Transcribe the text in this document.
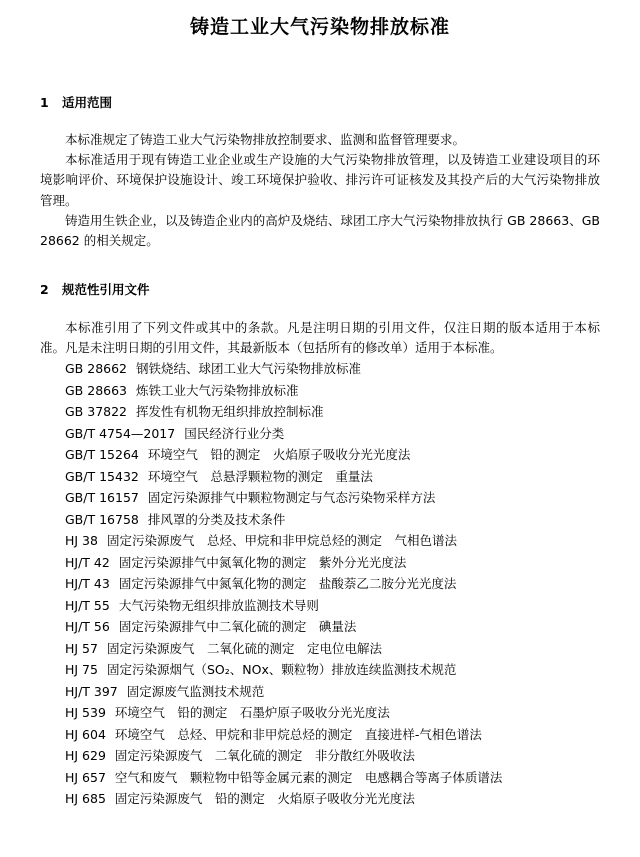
铸造工业大气污染物排放标准
1 适用范围

本标准规定了铸造工业大气污染物排放控制要求、监测和监督管理要求。

本标准适用于现有铸造工业企业或生产设施的大气污染物排放管理，以及铸造工业建设项目的环境影响评价、环境保护设施设计、竣工环境保护验收、排污许可证核发及其投产后的大气污染物排放管理。

铸造用生铁企业，以及铸造企业内的高炉及烧结、球团工序大气污染物排放执行 GB 28663、GB 28662 的相关规定。

2 规范性引用文件

本标准引用了下列文件或其中的条款。凡是注明日期的引用文件，仅注日期的版本适用于本标准。凡是未注明日期的引用文件，其最新版本（包括所有的修改单）适用于本标准。

GB 28662 钢铁烧结、球团工业大气污染物排放标准
GB 28663 炼铁工业大气污染物排放标准
GB 37822 挥发性有机物无组织排放控制标准
GB/T 4754—2017 国民经济行业分类
GB/T 15264 环境空气　铅的测定　火焰原子吸收分光光度法
GB/T 15432 环境空气　总悬浮颗粒物的测定　重量法
GB/T 16157 固定污染源排气中颗粒物测定与气态污染物采样方法
GB/T 16758 排风罩的分类及技术条件
HJ 38 固定污染源废气　总烃、甲烷和非甲烷总烃的测定　气相色谱法
HJ/T 42 固定污染源排气中氮氧化物的测定　紫外分光光度法
HJ/T 43 固定污染源排气中氮氧化物的测定　盐酸萘乙二胺分光光度法
HJ/T 55 大气污染物无组织排放监测技术导则
HJ/T 56 固定污染源排气中二氧化硫的测定　碘量法
HJ 57 固定污染源废气　二氧化硫的测定　定电位电解法
HJ 75 固定污染源烟气（SO₂、NOx、颗粒物）排放连续监测技术规范
HJ/T 397 固定源废气监测技术规范
HJ 539 环境空气　铅的测定　石墨炉原子吸收分光光度法
HJ 604 环境空气　总烃、甲烷和非甲烷总烃的测定　直接进样-气相色谱法
HJ 629 固定污染源废气　二氧化硫的测定　非分散红外吸收法
HJ 657 空气和废气　颗粒物中铅等金属元素的测定　电感耦合等离子体质谱法
HJ 685 固定污染源废气　铅的测定　火焰原子吸收分光光度法
